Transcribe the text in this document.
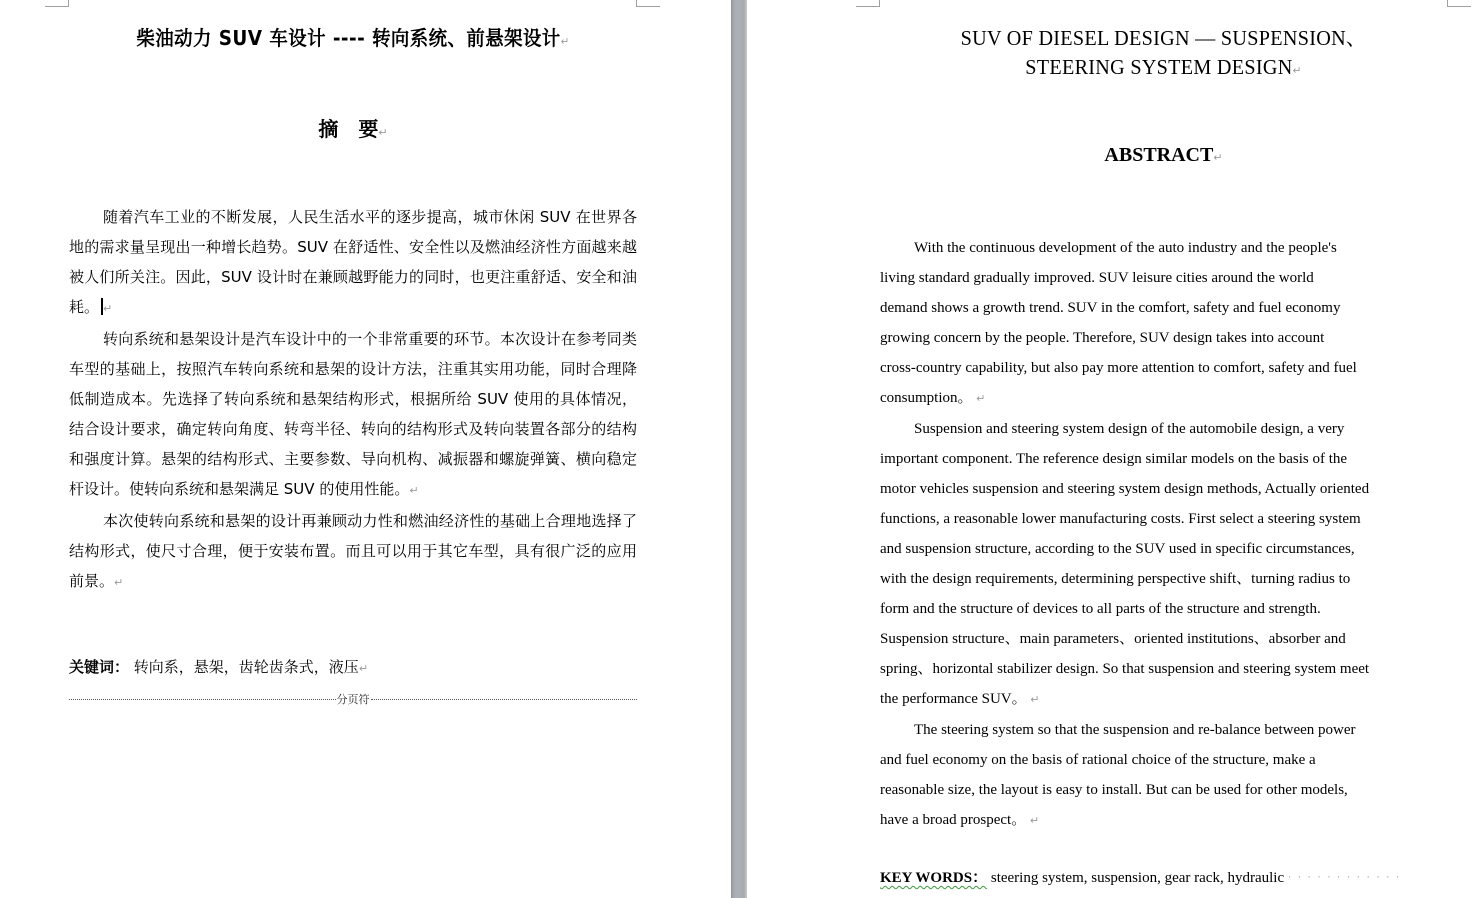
柴油动力 SUV 车设计 ---- 转向系统、前悬架设计↵
摘　要↵

随着汽车工业的不断发展，人民生活水平的逐步提高，城市休闲 SUV 在世界各地的需求量呈现出一种增长趋势。SUV 在舒适性、安全性以及燃油经济性方面越来越被人们所关注。因此，SUV 设计时在兼顾越野能力的同时，也更注重舒适、安全和油耗。 ↵

转向系统和悬架设计是汽车设计中的一个非常重要的环节。本次设计在参考同类车型的基础上，按照汽车转向系统和悬架的设计方法，注重其实用功能，同时合理降低制造成本。先选择了转向系统和悬架结构形式，根据所给 SUV 使用的具体情况， 结合设计要求，确定转向角度、转弯半径、转向的结构形式及转向装置各部分的结构和强度计算。悬架的结构形式、主要参数、导向机构、减振器和螺旋弹簧、横向稳定杆设计。使转向系统和悬架满足 SUV 的使用性能。↵

本次使转向系统和悬架的设计再兼顾动力性和燃油经济性的基础上合理地选择了结构形式，使尺寸合理，便于安装布置。而且可以用于其它车型，具有很广泛的应用前景。↵

关键词： 转向系，悬架，齿轮齿条式，液压↵
分页符
SUV OF DIESEL DESIGN — SUSPENSION、
STEERING SYSTEM DESIGN↵
ABSTRACT↵

With the continuous development of the auto industry and the people's
living standard gradually improved. SUV leisure cities around the world
demand shows a growth trend. SUV in the comfort, safety and fuel economy
growing concern by the people. Therefore, SUV design takes into account
cross-country capability, but also pay more attention to comfort, safety and fuel
consumption。 ↵

Suspension and steering system design of the automobile design, a very
important component. The reference design similar models on the basis of the
motor vehicles suspension and steering system design methods, Actually oriented
functions, a reasonable lower manufacturing costs. First select a steering system
and suspension structure, according to the SUV used in specific circumstances,
with the design requirements, determining perspective shift、turning radius to
form and the structure of devices to all parts of the structure and strength.
Suspension structure、main parameters、oriented institutions、absorber and
spring、horizontal stabilizer design. So that suspension and steering system meet
the performance SUV。 ↵

The steering system so that the suspension and re-balance between power
and fuel economy on the basis of rational choice of the structure, make a
reasonable size, the layout is easy to install. But can be used for other models,
have a broad prospect。 ↵

KEY WORDS： steering system, suspension, gear rack, hydraulic · · · · · · · · · · · ·
